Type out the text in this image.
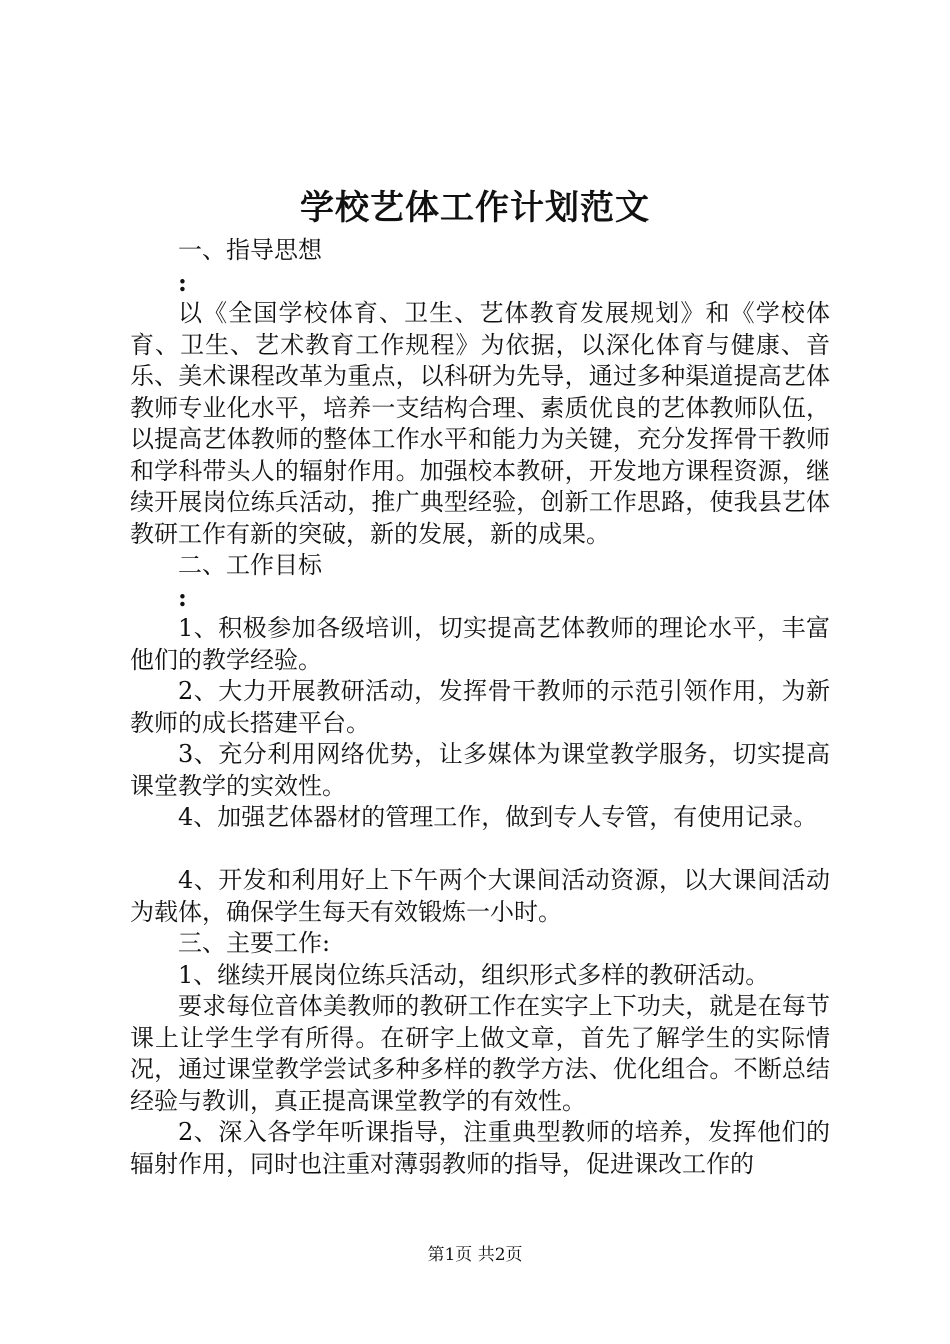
学校艺体工作计划范文

一、指导思想

:

以《全国学校体育、卫生、艺体教育发展规划》和《学校体育、卫生、艺术教育工作规程》为依据，以深化体育与健康、音乐、美术课程改革为重点，以科研为先导，通过多种渠道提高艺体教师专业化水平，培养一支结构合理、素质优良的艺体教师队伍，以提高艺体教师的整体工作水平和能力为关键，充分发挥骨干教师和学科带头人的辐射作用。加强校本教研，开发地方课程资源，继续开展岗位练兵活动，推广典型经验，创新工作思路，使我县艺体教研工作有新的突破，新的发展，新的成果。

二、工作目标

:

1、积极参加各级培训，切实提高艺体教师的理论水平，丰富他们的教学经验。

2、大力开展教研活动，发挥骨干教师的示范引领作用，为新教师的成长搭建平台。

3、充分利用网络优势，让多媒体为课堂教学服务，切实提高课堂教学的实效性。

4、加强艺体器材的管理工作，做到专人专管，有使用记录。

4、开发和利用好上下午两个大课间活动资源，以大课间活动为载体，确保学生每天有效锻炼一小时。

三、主要工作:

1、继续开展岗位练兵活动，组织形式多样的教研活动。

要求每位音体美教师的教研工作在实字上下功夫，就是在每节课上让学生学有所得。在研字上做文章，首先了解学生的实际情况，通过课堂教学尝试多种多样的教学方法、优化组合。不断总结经验与教训，真正提高课堂教学的有效性。

2、深入各学年听课指导，注重典型教师的培养，发挥他们的辐射作用，同时也注重对薄弱教师的指导，促进课改工作的

第1页 共2页
